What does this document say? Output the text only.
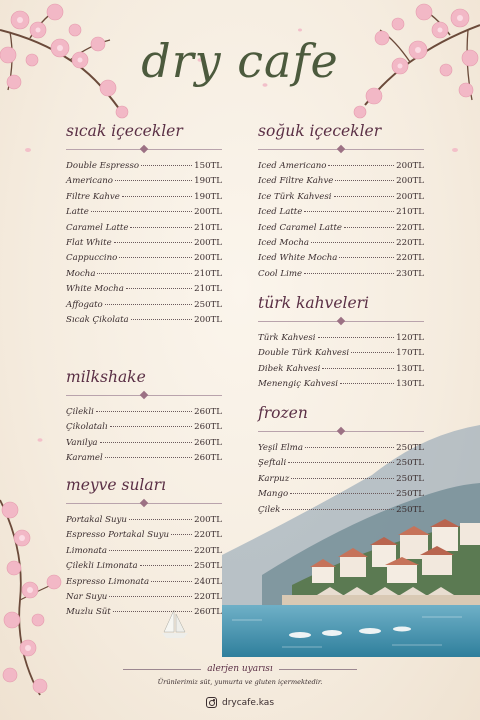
dry cafe
sıcak içecekler
Double Espresso	150TL
Americano	190TL
Filtre Kahve	190TL
Latte	200TL
Caramel Latte	210TL
Flat White	200TL
Cappuccino	200TL
Mocha	210TL
White Mocha	210TL
Affogato	250TL
Sıcak Çikolata	200TL
milkshake
Çilekli	260TL
Çikolatalı	260TL
Vanilya	260TL
Karamel	260TL
meyve suları
Portakal Suyu	200TL
Espresso Portakal Suyu	220TL
Limonata	220TL
Çilekli Limonata	250TL
Espresso Limonata	240TL
Nar Suyu	220TL
Muzlu Süt	260TL
soğuk içecekler
Iced Americano	200TL
Iced Filtre Kahve	200TL
Ice Türk Kahvesi	200TL
Iced Latte	210TL
Iced Caramel Latte	220TL
Iced Mocha	220TL
Iced White Mocha	220TL
Cool Lime	230TL
türk kahveleri
Türk Kahvesi	120TL
Double Türk Kahvesi	170TL
Dibek Kahvesi	130TL
Menengiç Kahvesi	130TL
frozen
Yeşil Elma	250TL
Şeftali	250TL
Karpuz	250TL
Mango	250TL
Çilek	250TL
alerjen uyarısı
Ürünlerimiz süt, yumurta ve gluten içermektedir.
drycafe.kas
